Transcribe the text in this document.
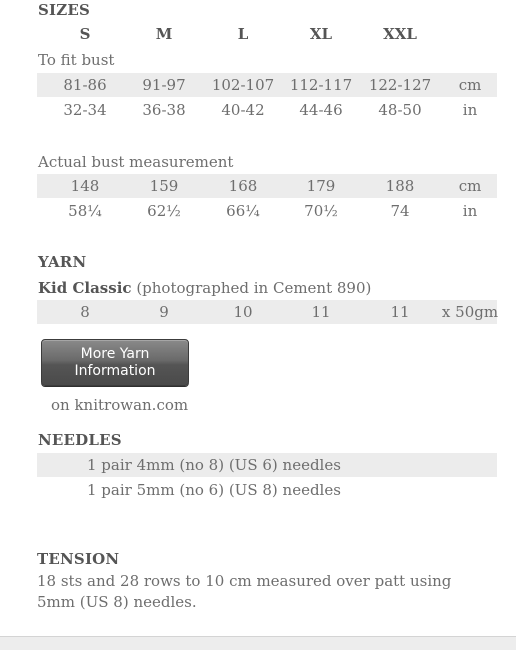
SIZES
S	M	L	XL	XXL
To fit bust
81-86	91-97	102-107	112-117	122-127	cm
32-34	36-38	40-42	44-46	48-50	in
Actual bust measurement
148	159	168	179	188	cm
58¼	62½	66¼	70½	74	in
YARN
Kid Classic (photographed in Cement 890)
8	9	10	11	11	x 50gm
More Yarn
Information
on knitrowan.com
NEEDLES
1 pair 4mm (no 8) (US 6) needles
1 pair 5mm (no 6) (US 8) needles
TENSION
18 sts and 28 rows to 10 cm measured over patt using
5mm (US 8) needles.
